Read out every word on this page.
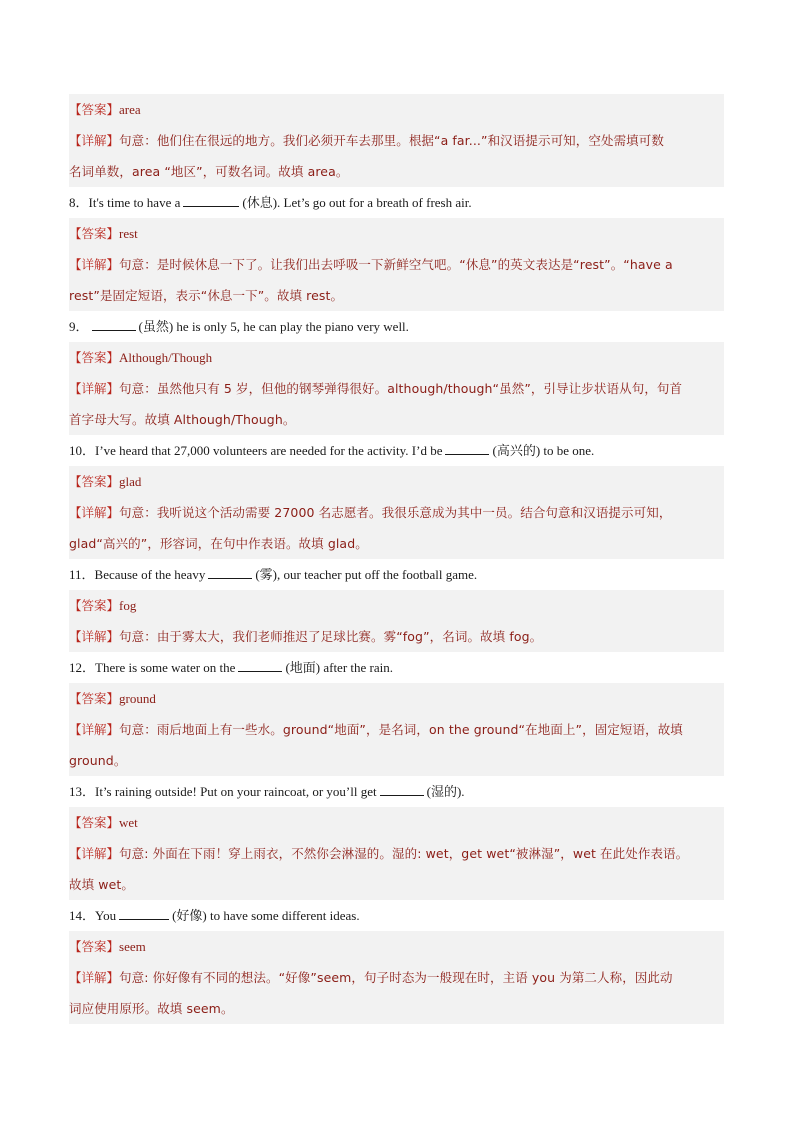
【答案】area
【详解】句意：他们住在很远的地方。我们必须开车去那里。根据“a far...”和汉语提示可知，空处需填可数
名词单数，area “地区”，可数名词。故填 area。
8．It's time to have a	(休息). Let’s go out for a breath of fresh air.
【答案】rest
【详解】句意：是时候休息一下了。让我们出去呼吸一下新鲜空气吧。“休息”的英文表达是“rest”。“have a
rest”是固定短语，表示“休息一下”。故填 rest。
9．	(虽然) he is only 5, he can play the piano very well.
【答案】Although/Though
【详解】句意：虽然他只有 5 岁，但他的钢琴弹得很好。although/though“虽然”，引导让步状语从句，句首
首字母大写。故填 Although/Though。
10．I’ve heard that 27,000 volunteers are needed for the activity. I’d be	(高兴的) to be one.
【答案】glad
【详解】句意：我听说这个活动需要 27000 名志愿者。我很乐意成为其中一员。结合句意和汉语提示可知，
glad“高兴的”，形容词，在句中作表语。故填 glad。
11．Because of the heavy	(雾), our teacher put off the football game.
【答案】fog
【详解】句意：由于雾太大，我们老师推迟了足球比赛。雾“fog”，名词。故填 fog。
12．There is some water on the	(地面) after the rain.
【答案】ground
【详解】句意：雨后地面上有一些水。ground“地面”，是名词，on the ground“在地面上”，固定短语，故填
ground。
13．It’s raining outside! Put on your raincoat, or you’ll get	(湿的).
【答案】wet
【详解】句意: 外面在下雨！穿上雨衣，不然你会淋湿的。湿的: wet，get wet“被淋湿”，wet 在此处作表语。
故填 wet。
14．You	(好像) to have some different ideas.
【答案】seem
【详解】句意: 你好像有不同的想法。“好像”seem，句子时态为一般现在时，主语 you 为第二人称，因此动
词应使用原形。故填 seem。
